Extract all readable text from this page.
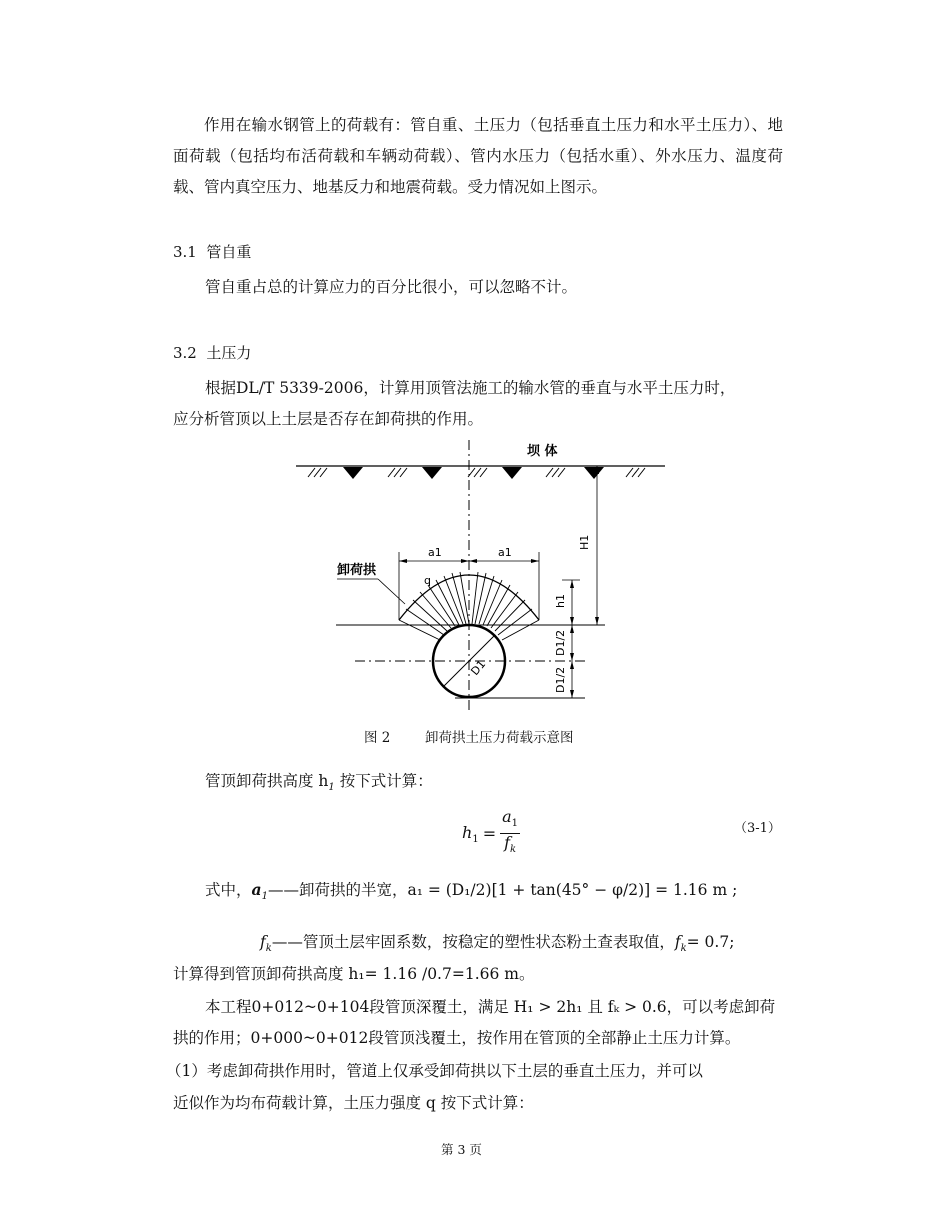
作用在输水钢管上的荷载有：管自重、土压力（包括垂直土压力和水平土压力）、地面荷载（包括均布活荷载和车辆动荷载）、管内水压力（包括水重）、外水压力、温度荷载、管内真空压力、地基反力和地震荷载。受力情况如上图示。
3.1 管自重
管自重占总的计算应力的百分比很小，可以忽略不计。
3.2 土压力
根据DL/T 5339-2006，计算用顶管法施工的输水管的垂直与水平土压力时，
应分析管顶以上土层是否存在卸荷拱的作用。
D1
a1	a1
q
卸荷拱
坝 体
H1
h1
D1/2
D1/2
图 2	卸荷拱土压力荷载示意图
管顶卸荷拱高度 $h_1$ 按下式计算：
$h_1 = \frac{a_1}{f_k}$	（3-1）
式中，$a_1——$卸荷拱的半宽，a₁ = (D₁/2)[1 + tan(45° − φ/2)] = 1.16 m ;
$f_k——$管顶土层牢固系数，按稳定的塑性状态粉土查表取值，$f_k= 0.7$;
计算得到管顶卸荷拱高度 h₁= 1.16 /0.7=1.66 m。
本工程0+012~0+104段管顶深覆土，满足 H₁ > 2h₁ 且 fₖ > 0.6，可以考虑卸荷
拱的作用；0+000~0+012段管顶浅覆土，按作用在管顶的全部静止土压力计算。
（1）考虑卸荷拱作用时，管道上仅承受卸荷拱以下土层的垂直土压力，并可以
近似作为均布荷载计算，土压力强度 q 按下式计算：
第 3 页
